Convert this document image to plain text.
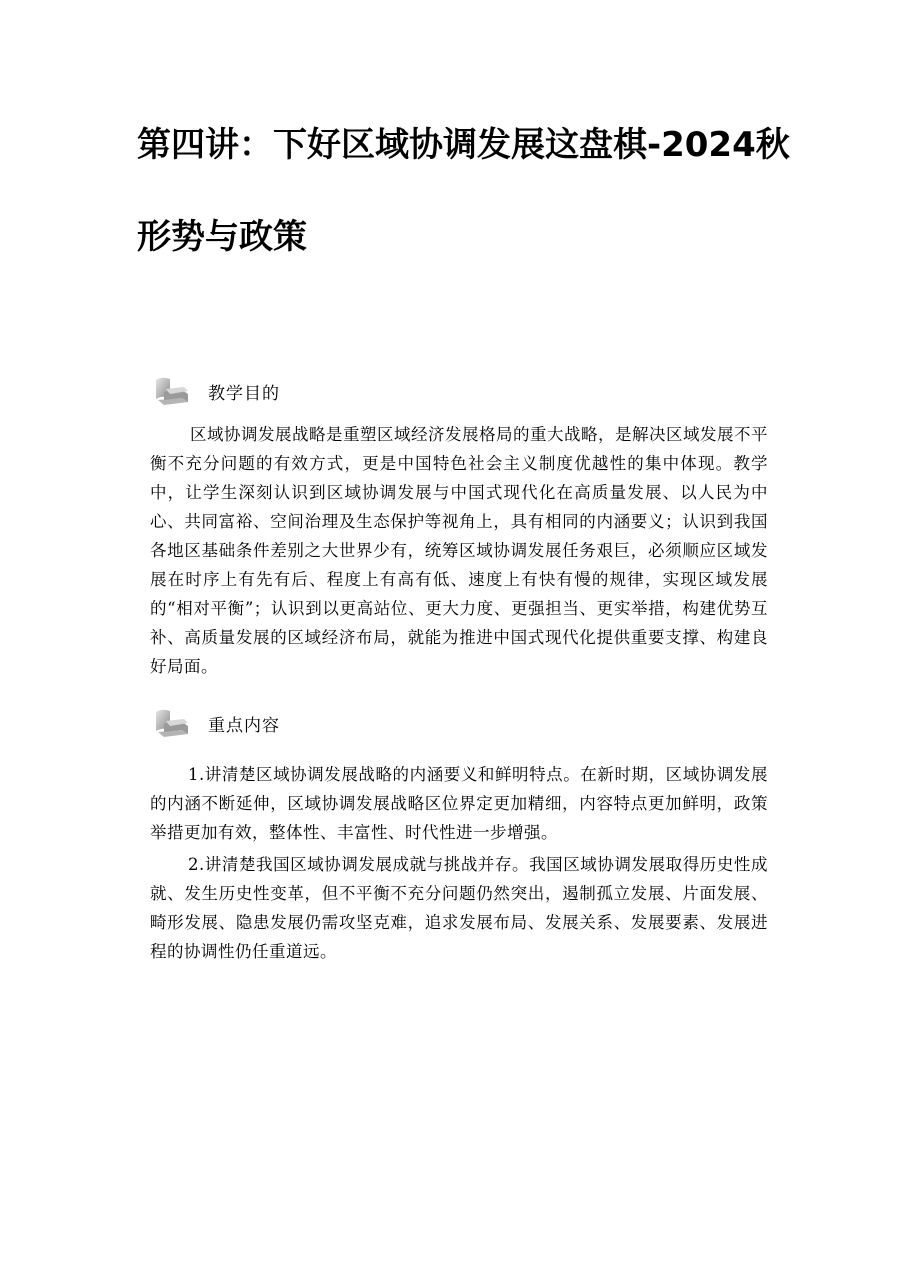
第四讲：下好区域协调发展这盘棋-2024秋
形势与政策
教学目的

区域协调发展战略是重塑区域经济发展格局的重大战略，是解决区域发展不平衡不充分问题的有效方式，更是中国特色社会主义制度优越性的集中体现。教学中，让学生深刻认识到区域协调发展与中国式现代化在高质量发展、以人民为中心、共同富裕、空间治理及生态保护等视角上，具有相同的内涵要义；认识到我国各地区基础条件差别之大世界少有，统筹区域协调发展任务艰巨，必须顺应区域发展在时序上有先有后、程度上有高有低、速度上有快有慢的规律，实现区域发展的“相对平衡”；认识到以更高站位、更大力度、更强担当、更实举措，构建优势互补、高质量发展的区域经济布局，就能为推进中国式现代化提供重要支撑、构建良好局面。

重点内容

1.讲清楚区域协调发展战略的内涵要义和鲜明特点。在新时期，区域协调发展的内涵不断延伸，区域协调发展战略区位界定更加精细，内容特点更加鲜明，政策举措更加有效，整体性、丰富性、时代性进一步增强。

2.讲清楚我国区域协调发展成就与挑战并存。我国区域协调发展取得历史性成就、发生历史性变革，但不平衡不充分问题仍然突出，遏制孤立发展、片面发展、畸形发展、隐患发展仍需攻坚克难，追求发展布局、发展关系、发展要素、发展进程的协调性仍任重道远。
